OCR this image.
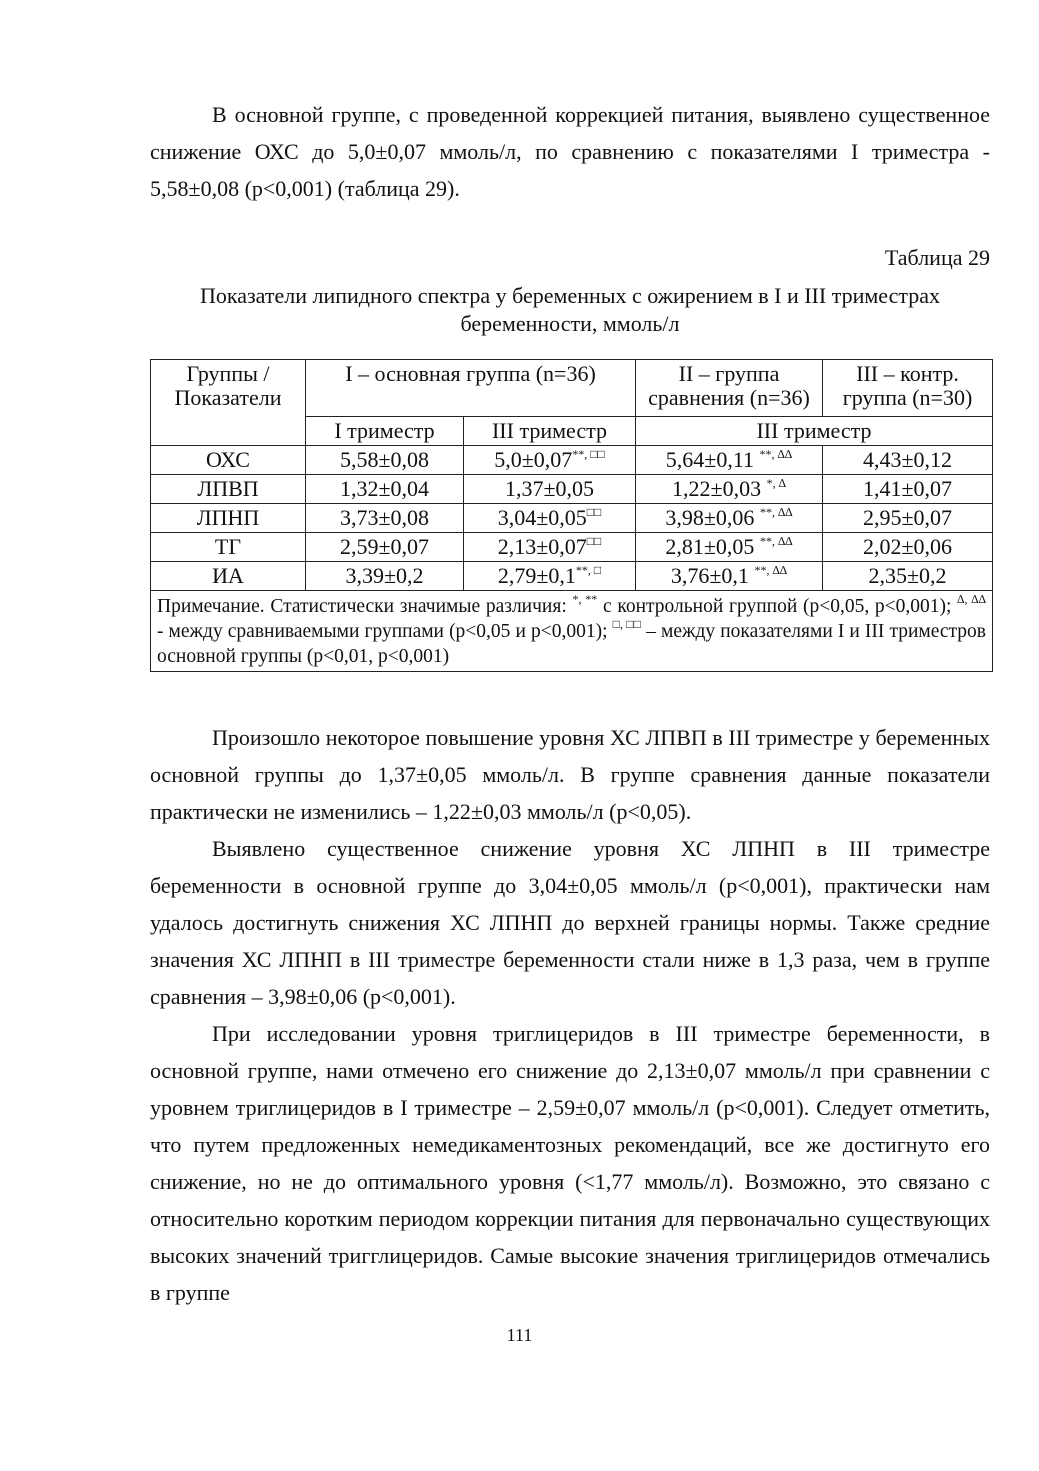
В основной группе, с проведенной коррекцией питания, выявлено существенное снижение ОХС до 5,0±0,07 ммоль/л, по сравнению с показателями I триместра - 5,58±0,08 (р<0,001) (таблица 29).

Таблица 29
Показатели липидного спектра у беременных с ожирением в I и III триместрах беременности, ммоль/л
Группы / Показатели	I – основная группа (n=36)		II – группа сравнения (n=36)	III – контр. группа (n=30)
	I триместр	III триместр	III триместр	
ОХС	5,58±0,08	5,0±0,07**, □□	5,64±0,11 **, ∆∆	4,43±0,12
ЛПВП	1,32±0,04	1,37±0,05	1,22±0,03 *, ∆	1,41±0,07
ЛПНП	3,73±0,08	3,04±0,05□□	3,98±0,06 **, ∆∆	2,95±0,07
ТГ	2,59±0,07	2,13±0,07□□	2,81±0,05 **, ∆∆	2,02±0,06
ИА	3,39±0,2	2,79±0,1**, □	3,76±0,1 **, ∆∆	2,35±0,2
Примечание. Статистически значимые различия: *, ** с контрольной группой (р<0,05, р<0,001); ∆, ∆∆ - между сравниваемыми группами (р<0,05 и р<0,001); □, □□ – между показателями I и III триместров основной группы (р<0,01, р<0,001)				

Произошло некоторое повышение уровня ХС ЛПВП в III триместре у беременных основной группы до 1,37±0,05 ммоль/л. В группе сравнения данные показатели практически не изменились – 1,22±0,03 ммоль/л (р<0,05).

Выявлено существенное снижение уровня ХС ЛПНП в III триместре беременности в основной группе до 3,04±0,05 ммоль/л (р<0,001), практически нам удалось достигнуть снижения ХС ЛПНП до верхней границы нормы. Также средние значения ХС ЛПНП в III триместре беременности стали ниже в 1,3 раза, чем в группе сравнения – 3,98±0,06 (р<0,001).

При исследовании уровня триглицеридов в III триместре беременности, в основной группе, нами отмечено его снижение до 2,13±0,07 ммоль/л при сравнении с уровнем триглицеридов в I триместре – 2,59±0,07 ммоль/л (р<0,001). Следует отметить, что путем предложенных немедикаментозных рекомендаций, все же достигнуто его снижение, но не до оптимального уровня (<1,77 ммоль/л). Возможно, это связано с относительно коротким периодом коррекции питания для первоначально существующих высоких значений тригглицеридов. Самые высокие значения триглицеридов отмечались в группе

111
